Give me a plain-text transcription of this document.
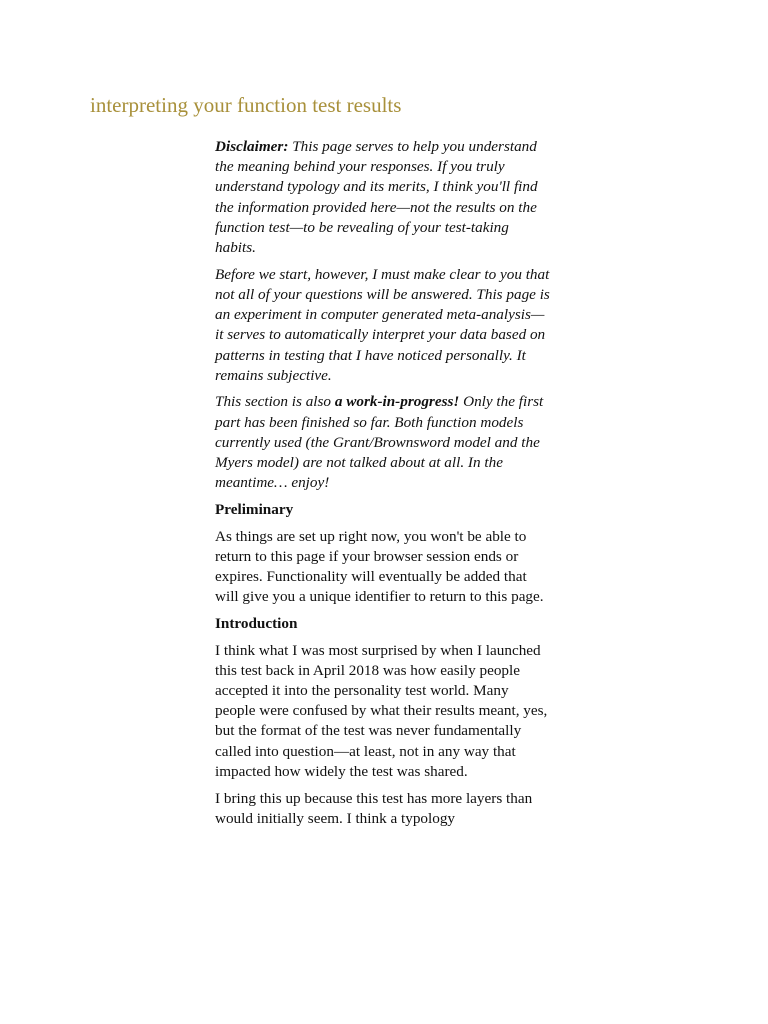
interpreting your function test results

Disclaimer: This page serves to help you understand the meaning behind your responses. If you truly understand typology and its merits, I think you'll find the information provided here—not the results on the function test—to be revealing of your test-taking habits.

Before we start, however, I must make clear to you that not all of your questions will be answered. This page is an experiment in computer generated meta-analysis—it serves to automatically interpret your data based on patterns in testing that I have noticed personally. It remains subjective.

This section is also a work-in-progress! Only the first part has been finished so far. Both function models currently used (the Grant/Brownsword model and the Myers model) are not talked about at all. In the meantime… enjoy!

Preliminary

As things are set up right now, you won't be able to return to this page if your browser session ends or expires. Functionality will eventually be added that will give you a unique identifier to return to this page.

Introduction

I think what I was most surprised by when I launched this test back in April 2018 was how easily people accepted it into the personality test world. Many people were confused by what their results meant, yes, but the format of the test was never fundamentally called into question—at least, not in any way that impacted how widely the test was shared.

I bring this up because this test has more layers than would initially seem. I think a typology
